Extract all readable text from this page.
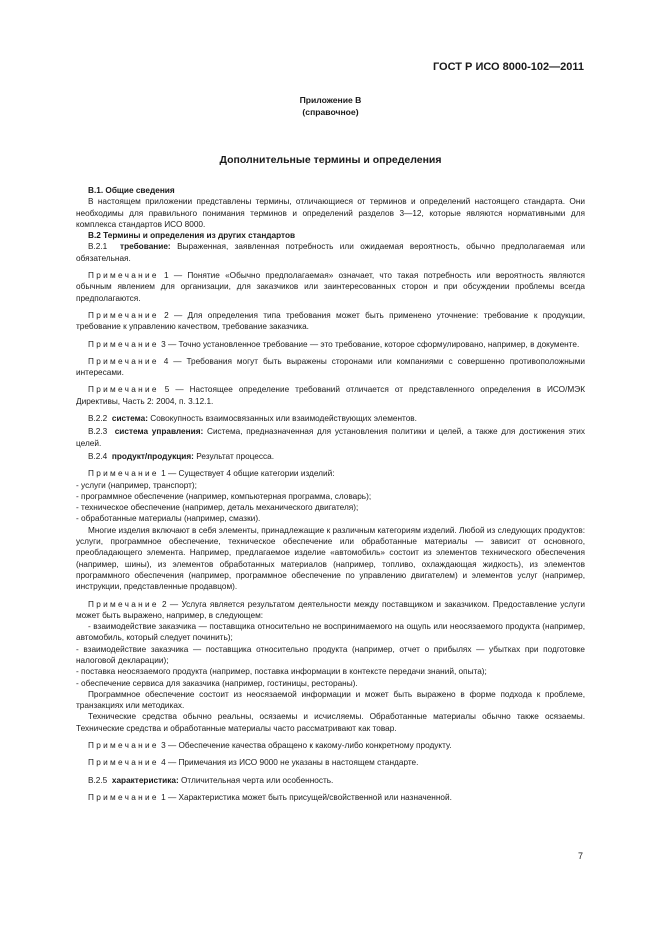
ГОСТ Р ИСО 8000-102—2011
Приложение В
(справочное)
Дополнительные термины и определения

В.1. Общие сведения

В настоящем приложении представлены термины, отличающиеся от терминов и определений настоящего стандарта. Они необходимы для правильного понимания терминов и определений разделов 3—12, которые являются нормативными для комплекса стандартов ИСО 8000.

В.2 Термины и определения из других стандартов

В.2.1 требование: Выраженная, заявленная потребность или ожидаемая вероятность, обычно предполагаемая или обязательная.

Примечание 1 — Понятие «Обычно предполагаемая» означает, что такая потребность или вероятность являются обычным явлением для организации, для заказчиков или заинтересованных сторон и при обсуждении проблемы всегда предполагаются.

Примечание 2 — Для определения типа требования может быть применено уточнение: требование к продукции, требование к управлению качеством, требование заказчика.

Примечание 3 — Точно установленное требование — это требование, которое сформулировано, например, в документе.

Примечание 4 — Требования могут быть выражены сторонами или компаниями с совершенно противоположными интересами.

Примечание 5 — Настоящее определение требований отличается от представленного определения в ИСО/МЭК Директивы, Часть 2: 2004, п. 3.12.1.

В.2.2 система: Совокупность взаимосвязанных или взаимодействующих элементов.

В.2.3 система управления: Система, предназначенная для установления политики и целей, а также для достижения этих целей.

В.2.4 продукт/продукция: Результат процесса.

Примечание 1 — Существует 4 общие категории изделий:

- услуги (например, транспорт);

- программное обеспечение (например, компьютерная программа, словарь);

- техническое обеспечение (например, деталь механического двигателя);

- обработанные материалы (например, смазки).

Многие изделия включают в себя элементы, принадлежащие к различным категориям изделий. Любой из следующих продуктов: услуги, программное обеспечение, техническое обеспечение или обработанные материалы — зависит от основного, преобладающего элемента. Например, предлагаемое изделие «автомобиль» состоит из элементов технического обеспечения (например, шины), из элементов обработанных материалов (например, топливо, охлаждающая жидкость), из элементов программного обеспечения (например, программное обеспечение по управлению двигателем) и элементов услуг (например, инструкции, представленные продавцом).

Примечание 2 — Услуга является результатом деятельности между поставщиком и заказчиком. Предоставление услуги может быть выражено, например, в следующем:

- взаимодействие заказчика — поставщика относительно не воспринимаемого на ощупь или неосязаемого продукта (например, автомобиль, который следует починить);

- взаимодействие заказчика — поставщика относительно продукта (например, отчет о прибылях — убытках при подготовке налоговой декларации);

- поставка неосязаемого продукта (например, поставка информации в контексте передачи знаний, опыта);

- обеспечение сервиса для заказчика (например, гостиницы, рестораны).

Программное обеспечение состоит из неосязаемой информации и может быть выражено в форме подхода к проблеме, транзакциях или методиках.

Технические средства обычно реальны, осязаемы и исчисляемы. Обработанные материалы обычно также осязаемы. Технические средства и обработанные материалы часто рассматривают как товар.

Примечание 3 — Обеспечение качества обращено к какому-либо конкретному продукту.

Примечание 4 — Примечания из ИСО 9000 не указаны в настоящем стандарте.

В.2.5 характеристика: Отличительная черта или особенность.

Примечание 1 — Характеристика может быть присущей/свойственной или назначенной.

7
